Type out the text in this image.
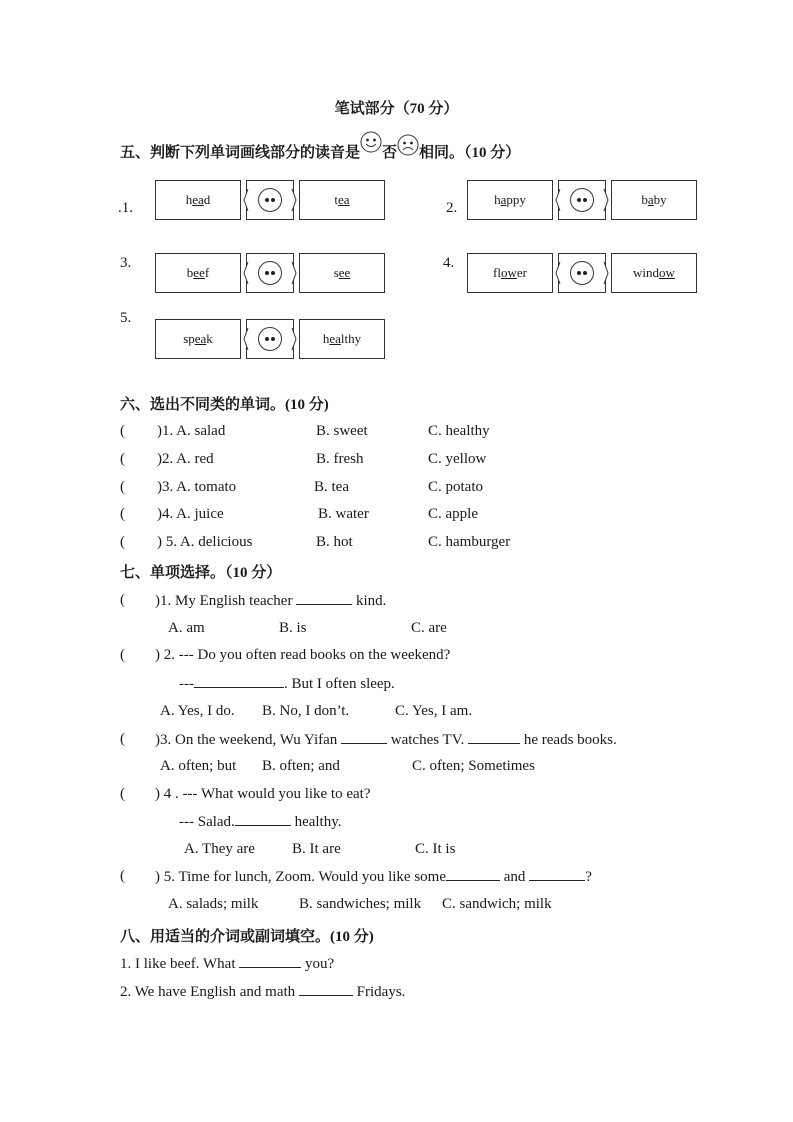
笔试部分（70 分）
五、判断下列单词画线部分的读音是 否 相同。（10 分）
.1.
h ea d	t ea
2.
h a ppy	b a by
3.
b ee f	s ee
4.
fl ow er	wind ow
5.
sp ea k	h ea lthy
六、选出不同类的单词。(10 分)
( )1. A. salad	B. sweet	C. healthy
( )2. A. red	B. fresh	C. yellow
( )3. A. tomato	B. tea	C. potato
( )4. A. juice	B. water	C. apple
( ) 5. A. delicious	B. hot	C. hamburger
七、单项选择。（10 分）
( )1. My English teacher	kind.
A. am	B. is	C. are
( ) 2. --- Do you often read books on the weekend?
---	. But I often sleep.
A. Yes, I do. B. No, I don’t.	C. Yes, I am.
( )3. On the weekend, Wu Yifan	watches TV.	he reads books.
A. often; but B. often; and	C. often; Sometimes
( ) 4 . --- What would you like to eat?
--- Salad.	healthy.
A. They are B. It are	C. It is
( ) 5. Time for lunch, Zoom. Would you like some	and	?
A. salads; milk	B. sandwiches; milk C. sandwich; milk
八、用适当的介词或副词填空。(10 分)
1. I like beef. What	you?
2. We have English and math	Fridays.
